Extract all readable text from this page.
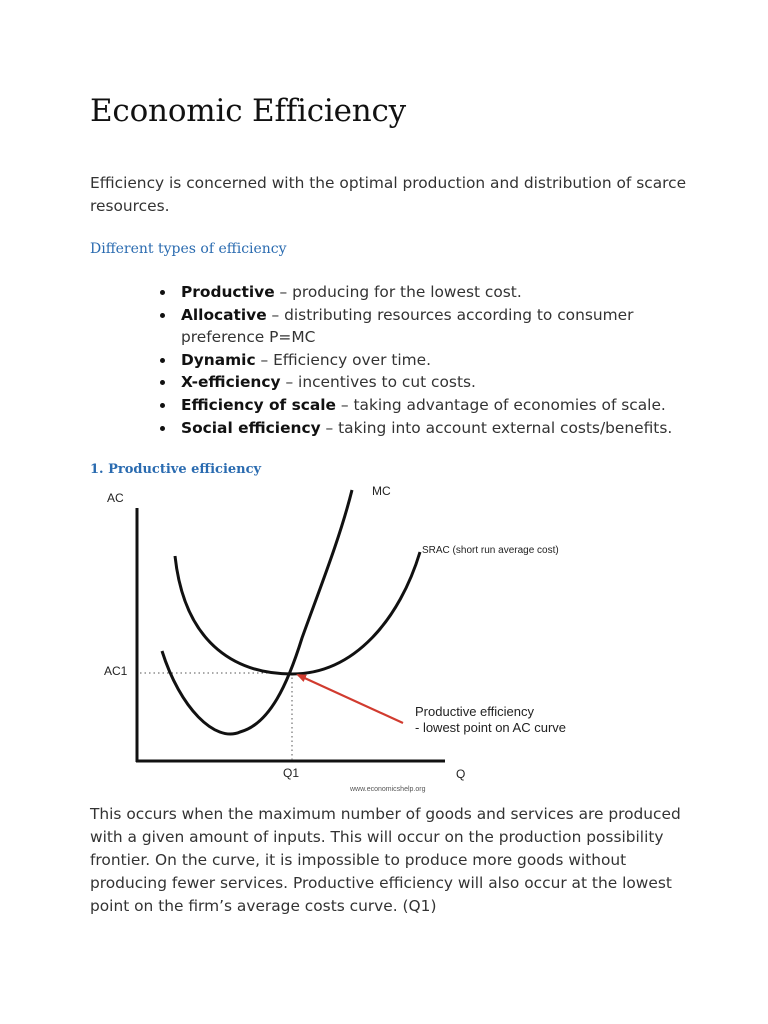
Economic Efficiency

Efficiency is concerned with the optimal production and distribution of scarce resources.

Different types of efficiency
Productive – producing for the lowest cost.
Allocative – distributing resources according to consumer preference P=MC
Dynamic – Efficiency over time.
X-efficiency – incentives to cut costs.
Efficiency of scale – taking advantage of economies of scale.
Social efficiency – taking into account external costs/benefits.
1. Productive efficiency
AC	MC
SRAC (short run average cost)
AC1
Q1	Q
Productive efficiency
- lowest point on AC curve
www.economicshelp.org

This occurs when the maximum number of goods and services are produced with a given amount of inputs. This will occur on the production possibility frontier. On the curve, it is impossible to produce more goods without producing fewer services. Productive efficiency will also occur at the lowest point on the firm’s average costs curve. (Q1)
